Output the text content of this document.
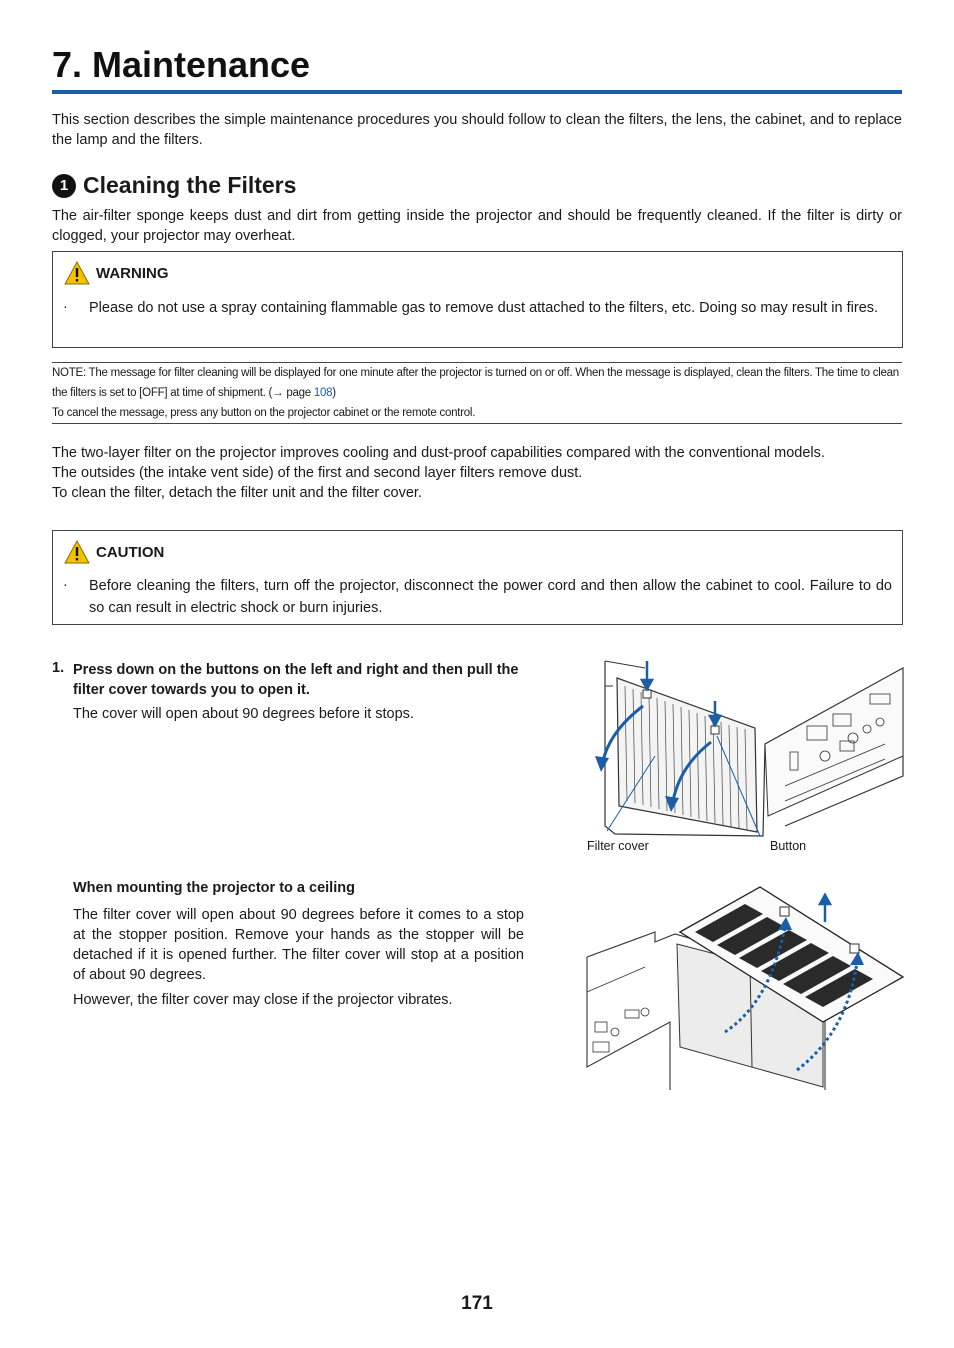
7. Maintenance
This section describes the simple maintenance procedures you should follow to clean the filters, the lens, the cabinet, and to replace the lamp and the filters.
1 Cleaning the Filters
The air-filter sponge keeps dust and dirt from getting inside the projector and should be frequently cleaned. If the filter is dirty or clogged, your projector may overheat.
WARNING
· Please do not use a spray containing flammable gas to remove dust attached to the filters, etc. Doing so may result in fires.
NOTE: The message for filter cleaning will be displayed for one minute after the projector is turned on or off. When the message is displayed, clean the filters. The time to clean the filters is set to [OFF] at time of shipment. (→ page 108)
To cancel the message, press any button on the projector cabinet or the remote control.
The two-layer filter on the projector improves cooling and dust-proof capabilities compared with the conventional models.
The outsides (the intake vent side) of the first and second layer filters remove dust.
To clean the filter, detach the filter unit and the filter cover.
CAUTION
· Before cleaning the filters, turn off the projector, disconnect the power cord and then allow the cabinet to cool. Failure to do so can result in electric shock or burn injuries.
1. Press down on the buttons on the left and right and then pull the filter cover towards you to open it.
The cover will open about 90 degrees before it stops.
Filter cover	Button
When mounting the projector to a ceiling
The filter cover will open about 90 degrees before it comes to a stop at the stopper position. Remove your hands as the stopper will be detached if it is opened further. The filter cover will stop at a position of about 90 degrees.
However, the filter cover may close if the projector vibrates.
171
